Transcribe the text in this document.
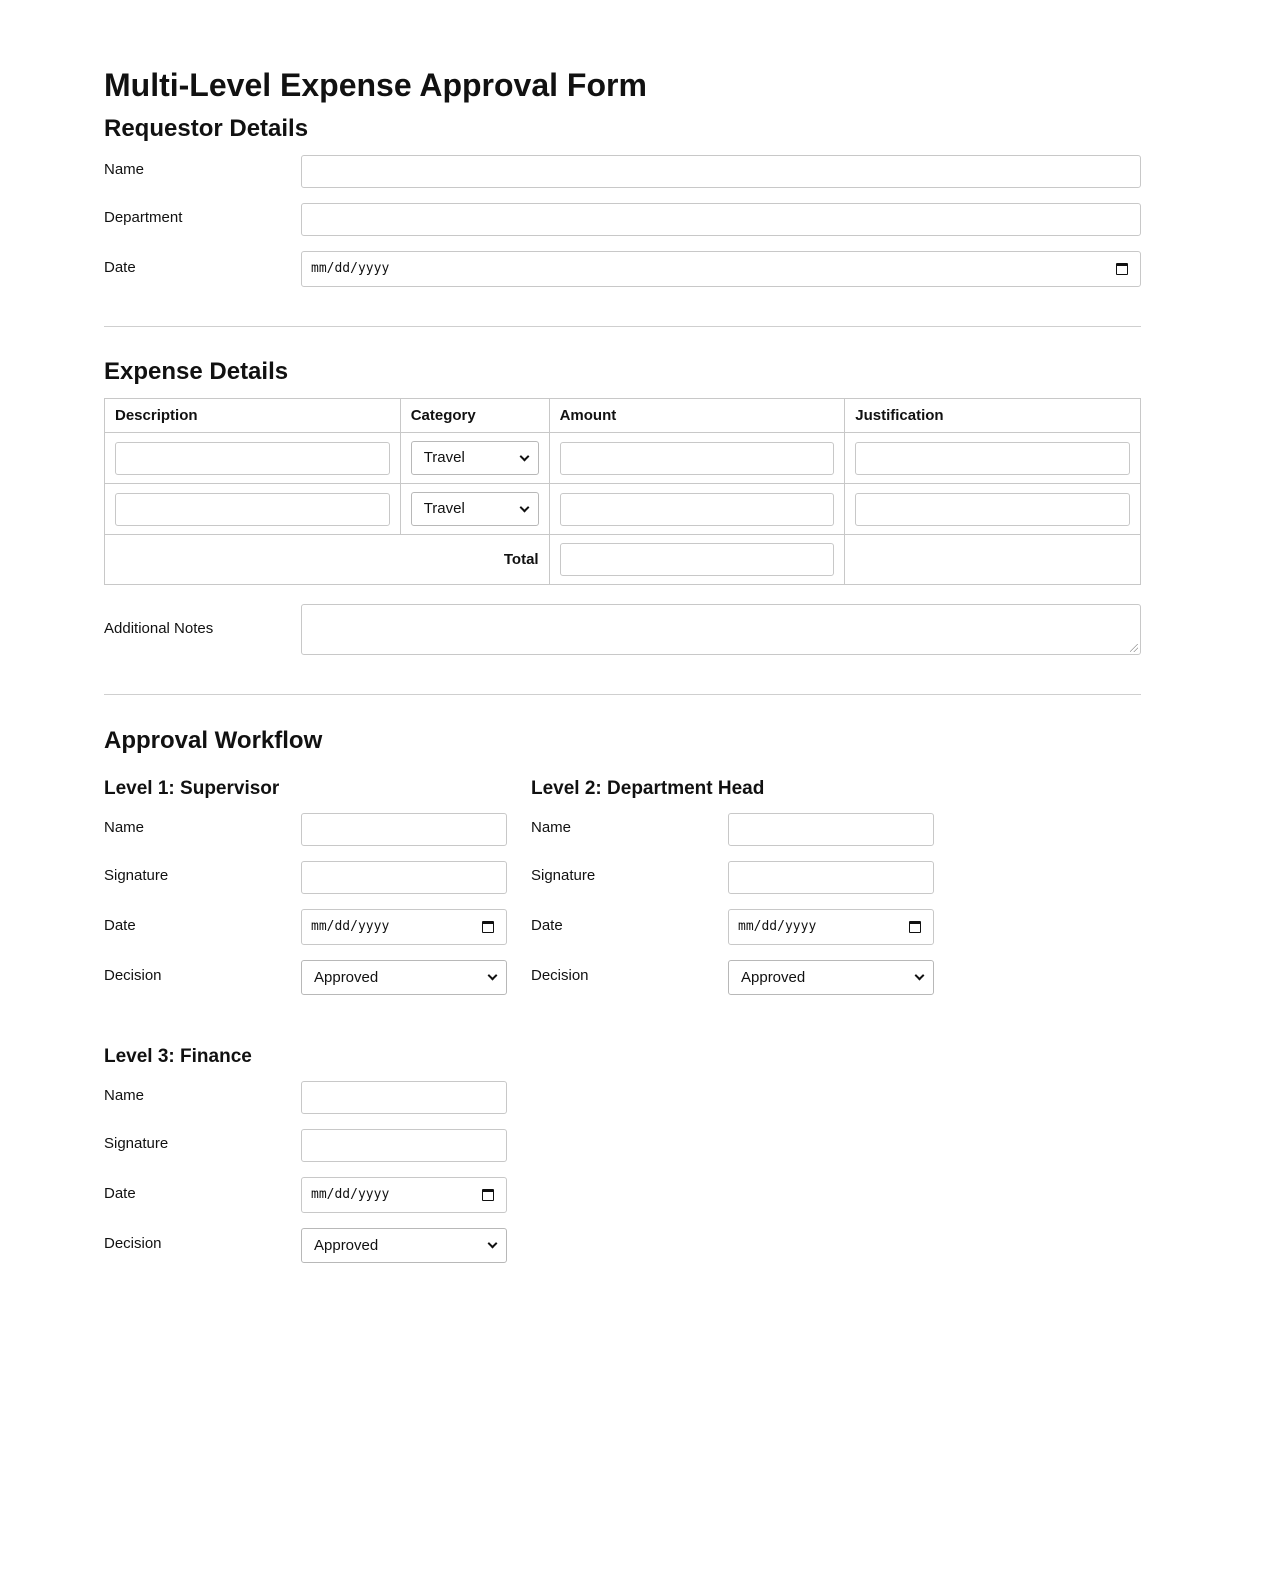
Multi-Level Expense Approval Form
Requestor Details
Name
Department
Date	mm/dd/yyyy
Expense Details
Description	Category	Amount	Justification

	Travel		

	Travel		

Total		

Additional Notes
Approval Workflow
Level 1: Supervisor
Name
Signature
Date	mm/dd/yyyy
Decision	Approved
Level 2: Department Head
Name
Signature
Date	mm/dd/yyyy
Decision	Approved
Level 3: Finance
Name
Signature
Date	mm/dd/yyyy
Decision	Approved
